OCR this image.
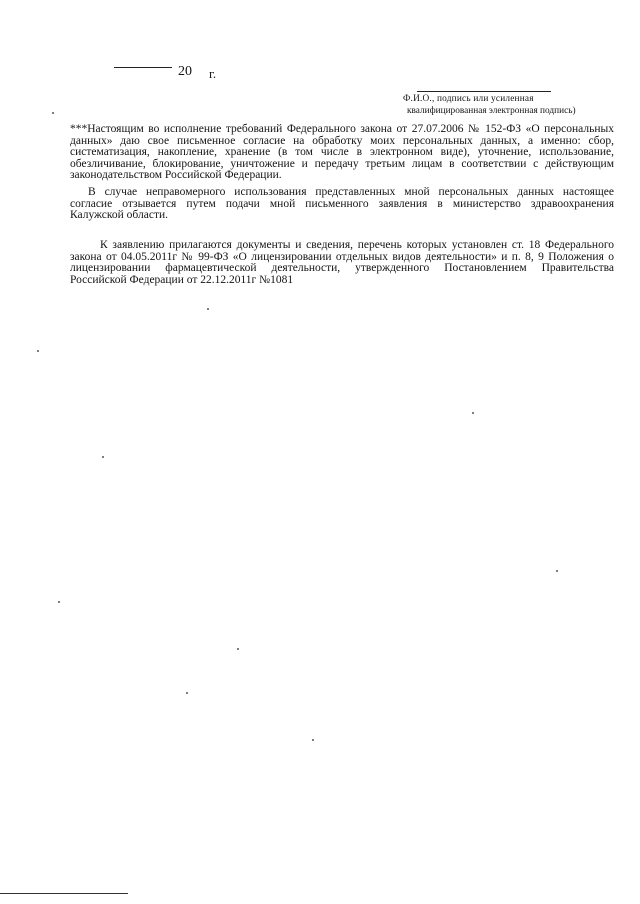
20 г.
Ф.И.О., подпись или усиленная
квалифицированная электронная подпись)
***Настоящим во исполнение требований Федерального закона от 27.07.2006 № 152-ФЗ «О персональных
данных» даю свое письменное согласие на обработку моих персональных данных, а именно: сбор,
систематизация, накопление, хранение (в том числе в электронном виде), уточнение, использование,
обезличивание, блокирование, уничтожение и передачу третьим лицам в соответствии с действующим
законодательством Российской Федерации.
В случае неправомерного использования представленных мной персональных данных настоящее
согласие отзывается путем подачи мной письменного заявления в министерство здравоохранения
Калужской области.
К заявлению прилагаются документы и сведения, перечень которых установлен ст. 18 Федерального
закона от 04.05.2011г № 99-ФЗ «О лицензировании отдельных видов деятельности» и п. 8, 9 Положения о
лицензировании фармацевтической деятельности, утвержденного Постановлением Правительства
Российской Федерации от 22.12.2011г №1081
